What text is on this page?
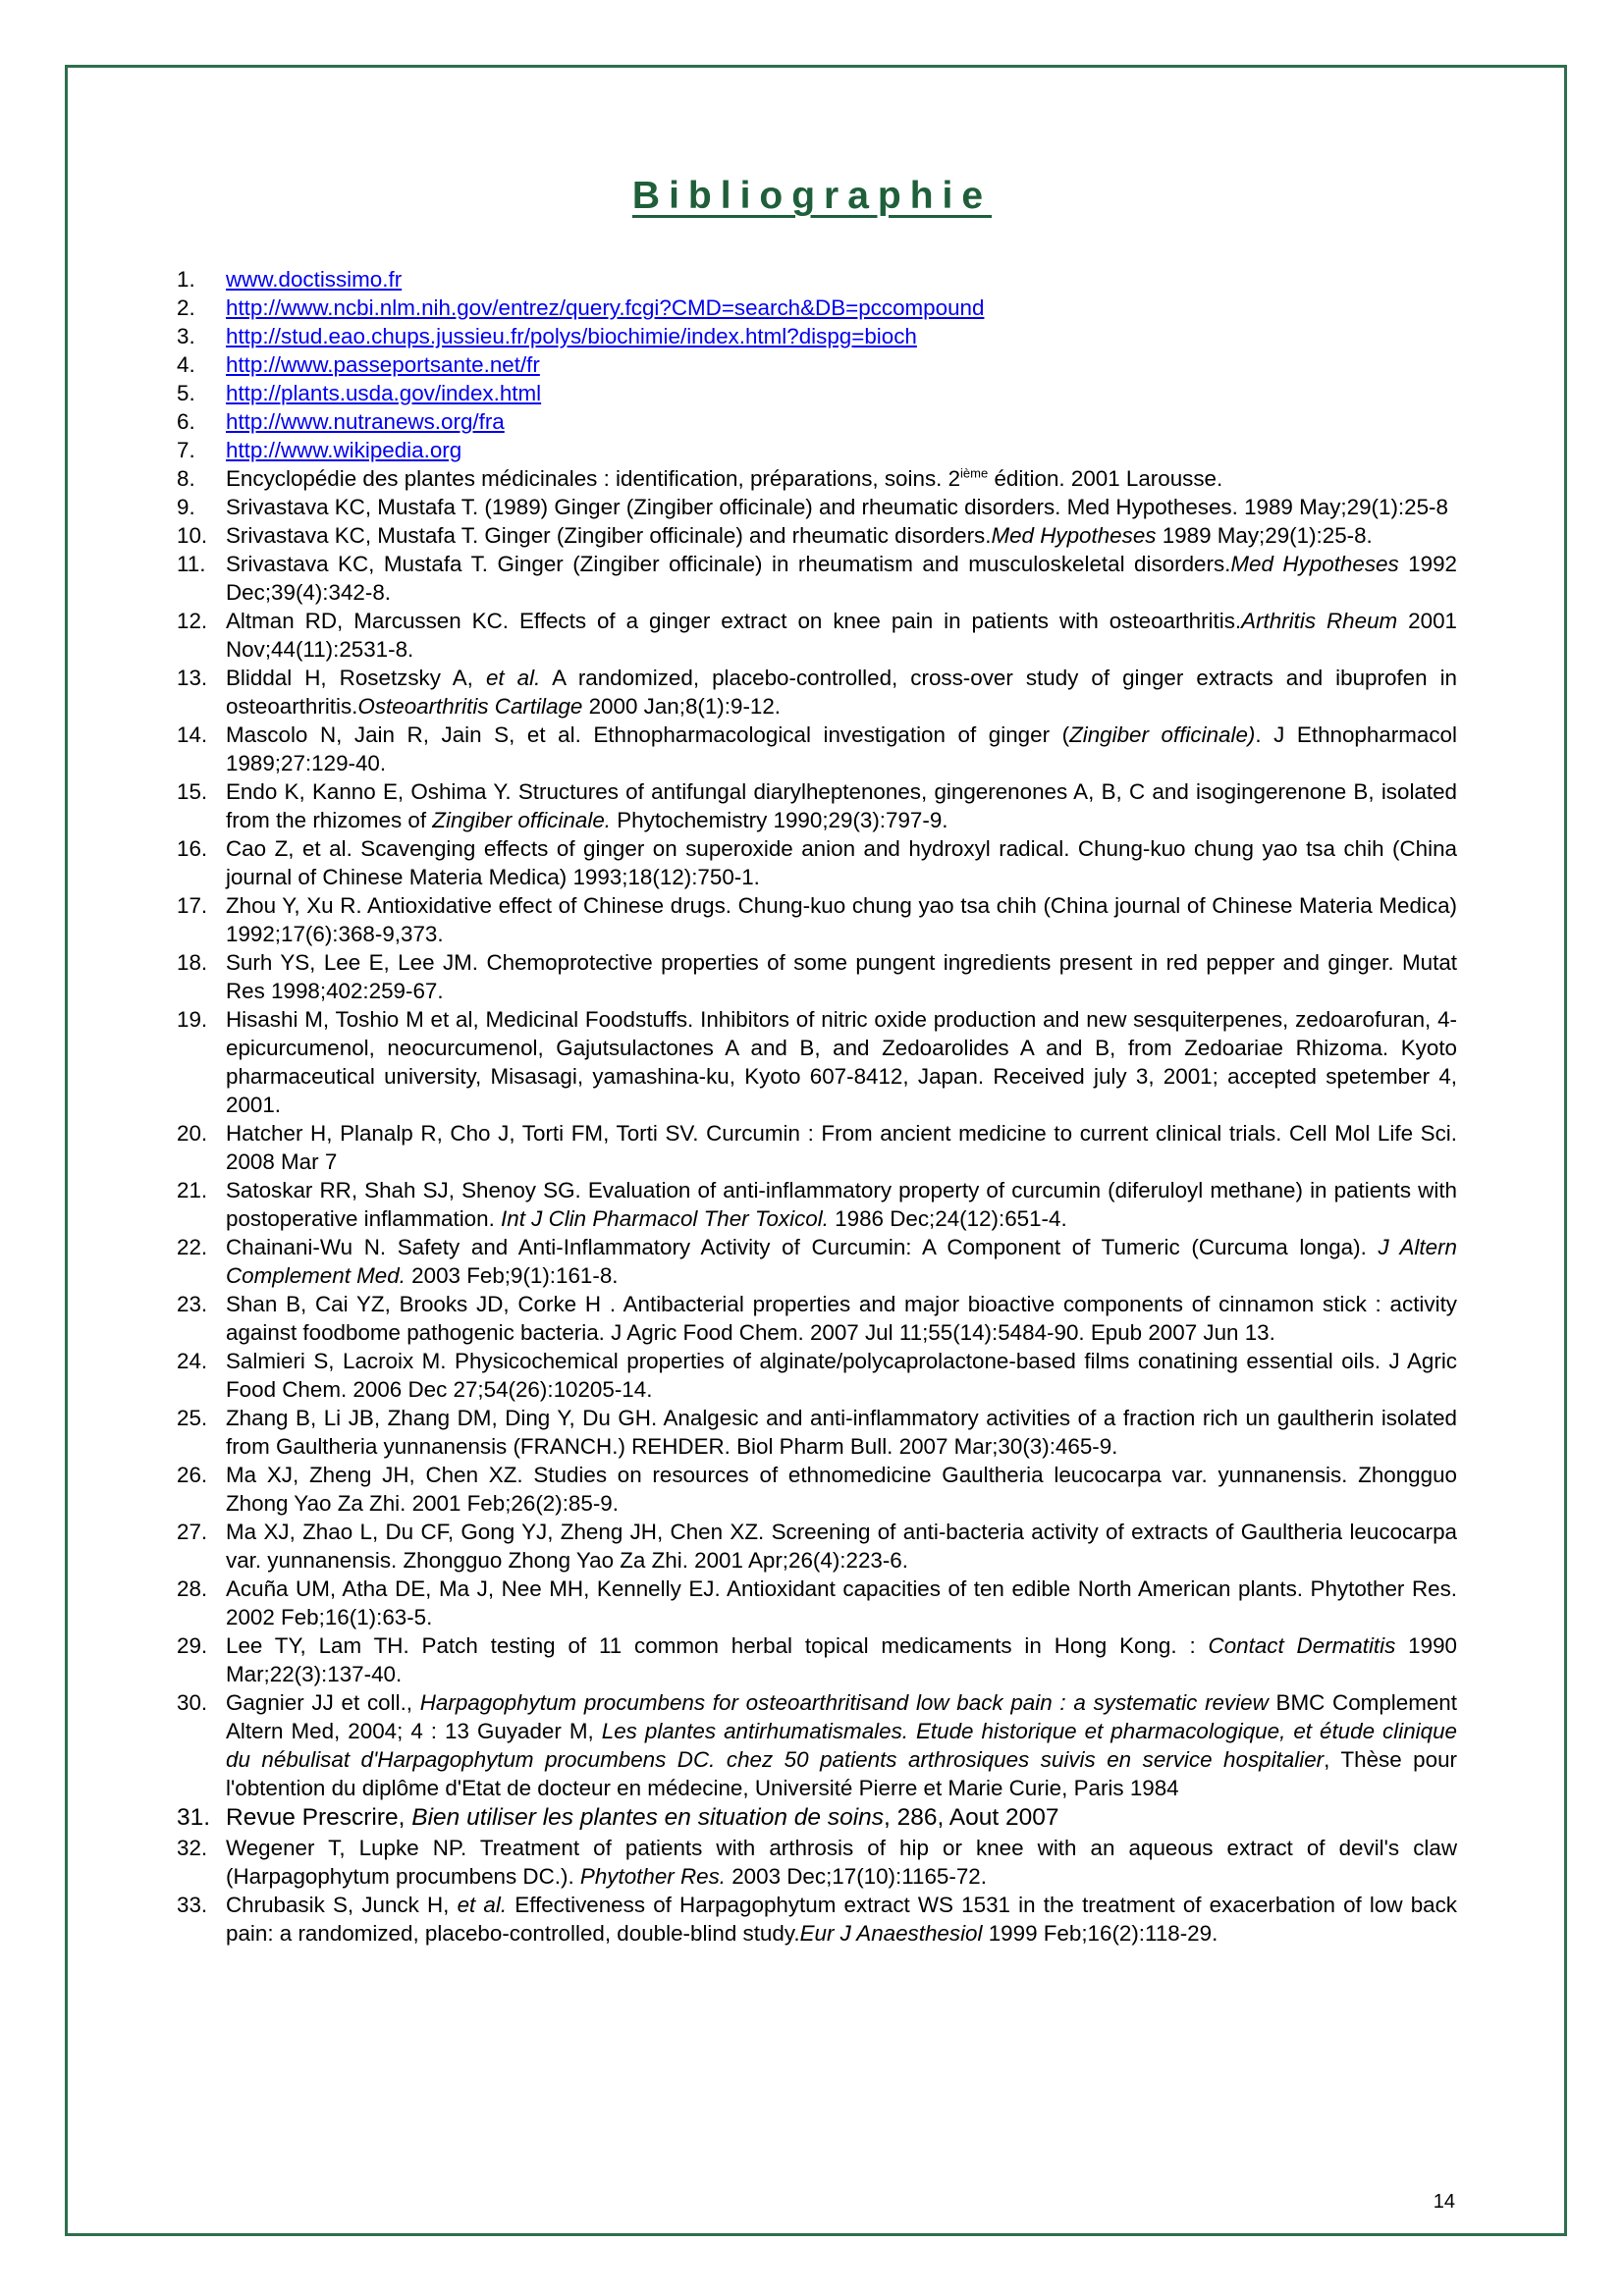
Bibliographie
1.	www.doctissimo.fr
2.	http://www.ncbi.nlm.nih.gov/entrez/query.fcgi?CMD=search&DB=pccompound
3.	http://stud.eao.chups.jussieu.fr/polys/biochimie/index.html?dispg=bioch
4.	http://www.passeportsante.net/fr
5.	http://plants.usda.gov/index.html
6.	http://www.nutranews.org/fra
7.	http://www.wikipedia.org
8.	Encyclopédie des plantes médicinales : identification, préparations, soins. 2ième édition. 2001 Larousse.
9.	Srivastava KC, Mustafa T. (1989) Ginger (Zingiber officinale) and rheumatic disorders. Med Hypotheses. 1989 May;29(1):25-8
10. Srivastava KC, Mustafa T. Ginger (Zingiber officinale) and rheumatic disorders.Med Hypotheses 1989 May;29(1):25-8.
11. Srivastava KC, Mustafa T. Ginger (Zingiber officinale) in rheumatism and musculoskeletal disorders.Med Hypotheses 1992 Dec;39(4):342-8.
12. Altman RD, Marcussen KC. Effects of a ginger extract on knee pain in patients with osteoarthritis.Arthritis Rheum 2001 Nov;44(11):2531-8.
13. Bliddal H, Rosetzsky A, et al. A randomized, placebo-controlled, cross-over study of ginger extracts and ibuprofen in osteoarthritis.Osteoarthritis Cartilage 2000 Jan;8(1):9-12.
14. Mascolo N, Jain R, Jain S, et al. Ethnopharmacological investigation of ginger (Zingiber officinale). J Ethnopharmacol 1989;27:129-40.
15. Endo K, Kanno E, Oshima Y. Structures of antifungal diarylheptenones, gingerenones A, B, C and isogingerenone B, isolated from the rhizomes of Zingiber officinale. Phytochemistry 1990;29(3):797-9.
16. Cao Z, et al. Scavenging effects of ginger on superoxide anion and hydroxyl radical. Chung-kuo chung yao tsa chih (China journal of Chinese Materia Medica) 1993;18(12):750-1.
17. Zhou Y, Xu R. Antioxidative effect of Chinese drugs. Chung-kuo chung yao tsa chih (China journal of Chinese Materia Medica) 1992;17(6):368-9,373.
18. Surh YS, Lee E, Lee JM. Chemoprotective properties of some pungent ingredients present in red pepper and ginger. Mutat Res 1998;402:259-67.
19. Hisashi M, Toshio M et al, Medicinal Foodstuffs. Inhibitors of nitric oxide production and new sesquiterpenes, zedoarofuran, 4-epicurcumenol, neocurcumenol, Gajutsulactones A and B, and Zedoarolides A and B, from Zedoariae Rhizoma. Kyoto pharmaceutical university, Misasagi, yamashina-ku, Kyoto 607-8412, Japan. Received july 3, 2001; accepted spetember 4, 2001.
20. Hatcher H, Planalp R, Cho J, Torti FM, Torti SV. Curcumin : From ancient medicine to current clinical trials. Cell Mol Life Sci. 2008 Mar 7
21. Satoskar RR, Shah SJ, Shenoy SG. Evaluation of anti-inflammatory property of curcumin (diferuloyl methane) in patients with postoperative inflammation. Int J Clin Pharmacol Ther Toxicol. 1986 Dec;24(12):651-4.
22. Chainani-Wu N. Safety and Anti-Inflammatory Activity of Curcumin: A Component of Tumeric (Curcuma longa). J Altern Complement Med. 2003 Feb;9(1):161-8.
23. Shan B, Cai YZ, Brooks JD, Corke H . Antibacterial properties and major bioactive components of cinnamon stick : activity against foodbome pathogenic bacteria. J Agric Food Chem. 2007 Jul 11;55(14):5484-90. Epub 2007 Jun 13.
24. Salmieri S, Lacroix M. Physicochemical properties of alginate/polycaprolactone-based films conatining essential oils. J Agric Food Chem. 2006 Dec 27;54(26):10205-14.
25. Zhang B, Li JB, Zhang DM, Ding Y, Du GH. Analgesic and anti-inflammatory activities of a fraction rich un gaultherin isolated from Gaultheria yunnanensis (FRANCH.) REHDER. Biol Pharm Bull. 2007 Mar;30(3):465-9.
26. Ma XJ, Zheng JH, Chen XZ. Studies on resources of ethnomedicine Gaultheria leucocarpa var. yunnanensis. Zhongguo Zhong Yao Za Zhi. 2001 Feb;26(2):85-9.
27. Ma XJ, Zhao L, Du CF, Gong YJ, Zheng JH, Chen XZ. Screening of anti-bacteria activity of extracts of Gaultheria leucocarpa var. yunnanensis. Zhongguo Zhong Yao Za Zhi. 2001 Apr;26(4):223-6.
28. Acuña UM, Atha DE, Ma J, Nee MH, Kennelly EJ. Antioxidant capacities of ten edible North American plants. Phytother Res. 2002 Feb;16(1):63-5.
29. Lee TY, Lam TH. Patch testing of 11 common herbal topical medicaments in Hong Kong. : Contact Dermatitis 1990 Mar;22(3):137-40.
30. Gagnier JJ et coll., Harpagophytum procumbens for osteoarthritisand low back pain : a systematic review BMC Complement Altern Med, 2004; 4 : 13 Guyader M, Les plantes antirhumatismales. Etude historique et pharmacologique, et étude clinique du nébulisat d'Harpagophytum procumbens DC. chez 50 patients arthrosiques suivis en service hospitalier, Thèse pour l'obtention du diplôme d'Etat de docteur en médecine, Université Pierre et Marie Curie, Paris 1984
31. Revue Prescrire, Bien utiliser les plantes en situation de soins, 286, Aout 2007
32. Wegener T, Lupke NP. Treatment of patients with arthrosis of hip or knee with an aqueous extract of devil's claw (Harpagophytum procumbens DC.). Phytother Res. 2003 Dec;17(10):1165-72.
33. Chrubasik S, Junck H, et al. Effectiveness of Harpagophytum extract WS 1531 in the treatment of exacerbation of low back pain: a randomized, placebo-controlled, double-blind study.Eur J Anaesthesiol 1999 Feb;16(2):118-29.
14
